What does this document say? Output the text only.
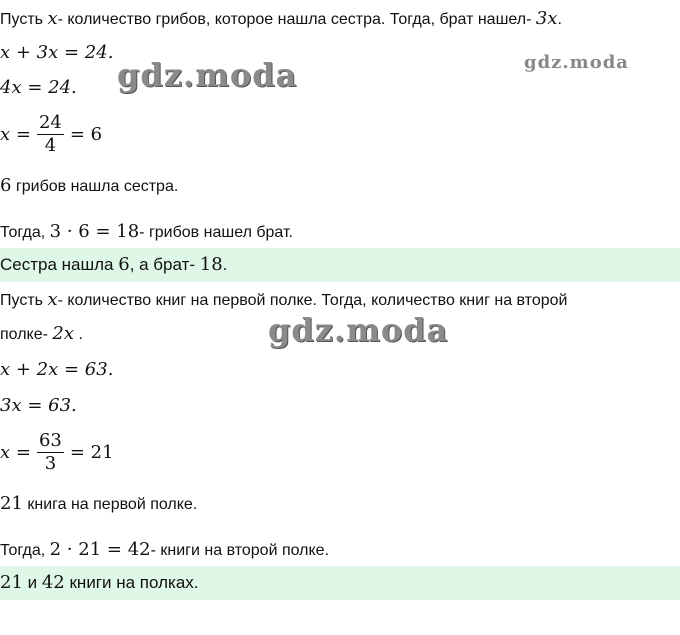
gdz.moda	gdz.moda
gdz.moda
Пусть x- количество грибов, которое нашла сестра. Тогда, брат нашел- 3x.
x + 3x = 24.
4x = 24.
$x = \frac{24}{4} = 6$
6 грибов нашла сестра.
Тогда, 3 · 6 = 18- грибов нашел брат.
Сестра нашла 6, а брат- 18.
Пусть x- количество книг на первой полке. Тогда, количество книг на второй
полке- 2x .
x + 2x = 63.
3x = 63.
$x = \frac{63}{3} = 21$
21 книга на первой полке.
Тогда, 2 · 21 = 42- книги на второй полке.
21 и 42 книги на полках.
